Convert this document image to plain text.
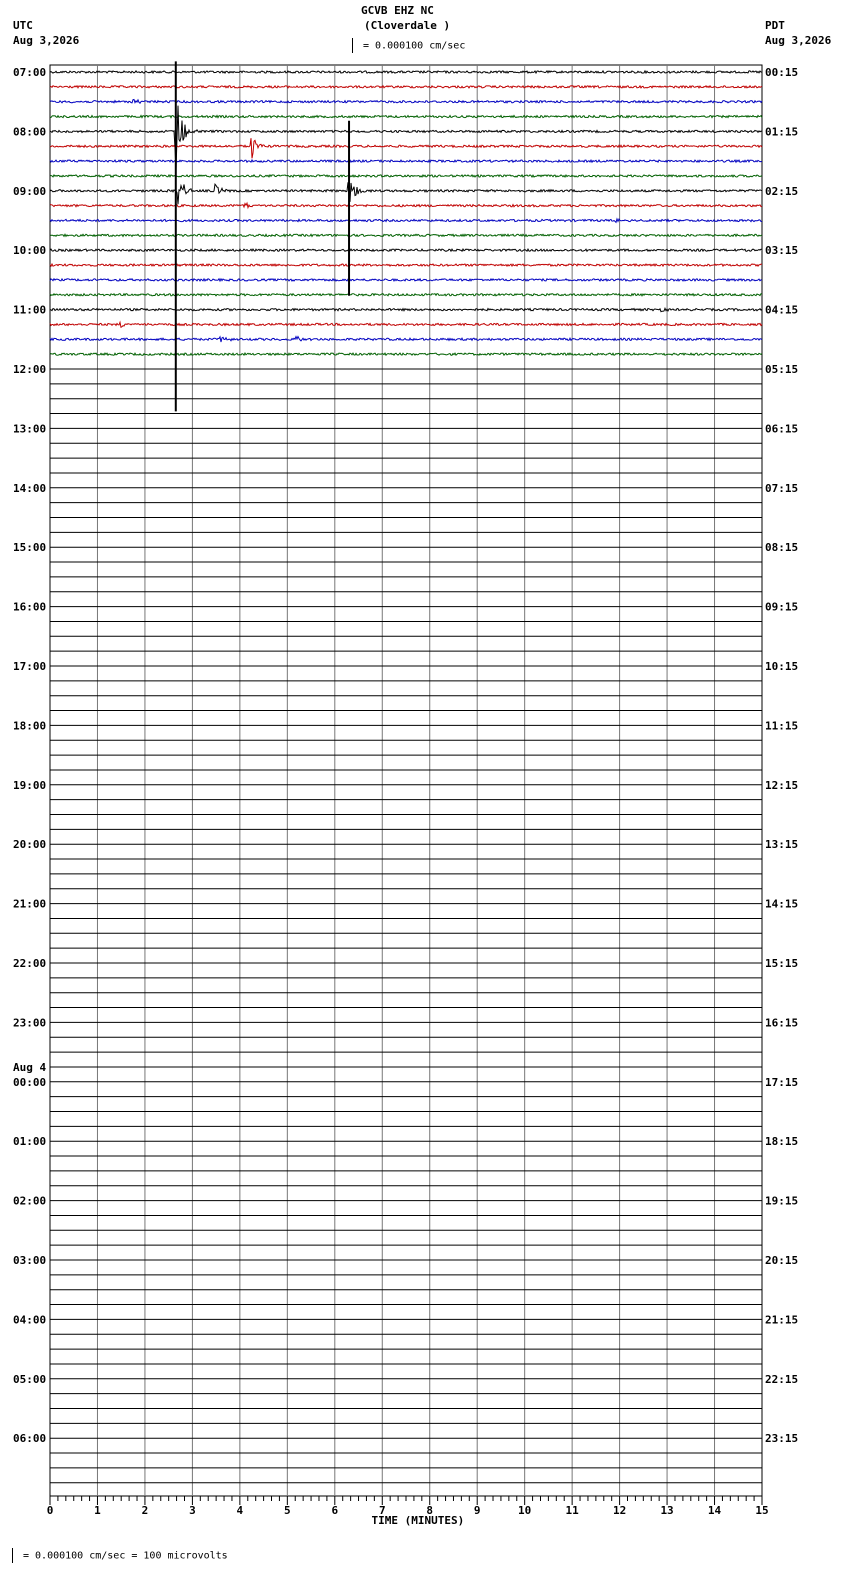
GCVB EHZ NC
(Cloverdale )
= 0.000100 cm/sec
UTC
Aug 3,2026
PDT
Aug 3,2026
07:00	00:15
08:00	01:15
09:00	02:15
10:00	03:15
11:00	04:15
12:00	05:15
13:00	06:15
14:00	07:15
15:00	08:15
16:00	09:15
17:00	10:15
18:00	11:15
19:00	12:15
20:00	13:15
21:00	14:15
22:00	15:15
23:00	16:15
00:00	17:15
01:00	18:15
02:00	19:15
03:00	20:15
04:00	21:15
05:00	22:15
06:00	23:15
Aug 4
0	1	2	3	4	5	6	7	8	9	10	11	12	13	14	15
TIME (MINUTES)
= 0.000100 cm/sec = 100 microvolts
